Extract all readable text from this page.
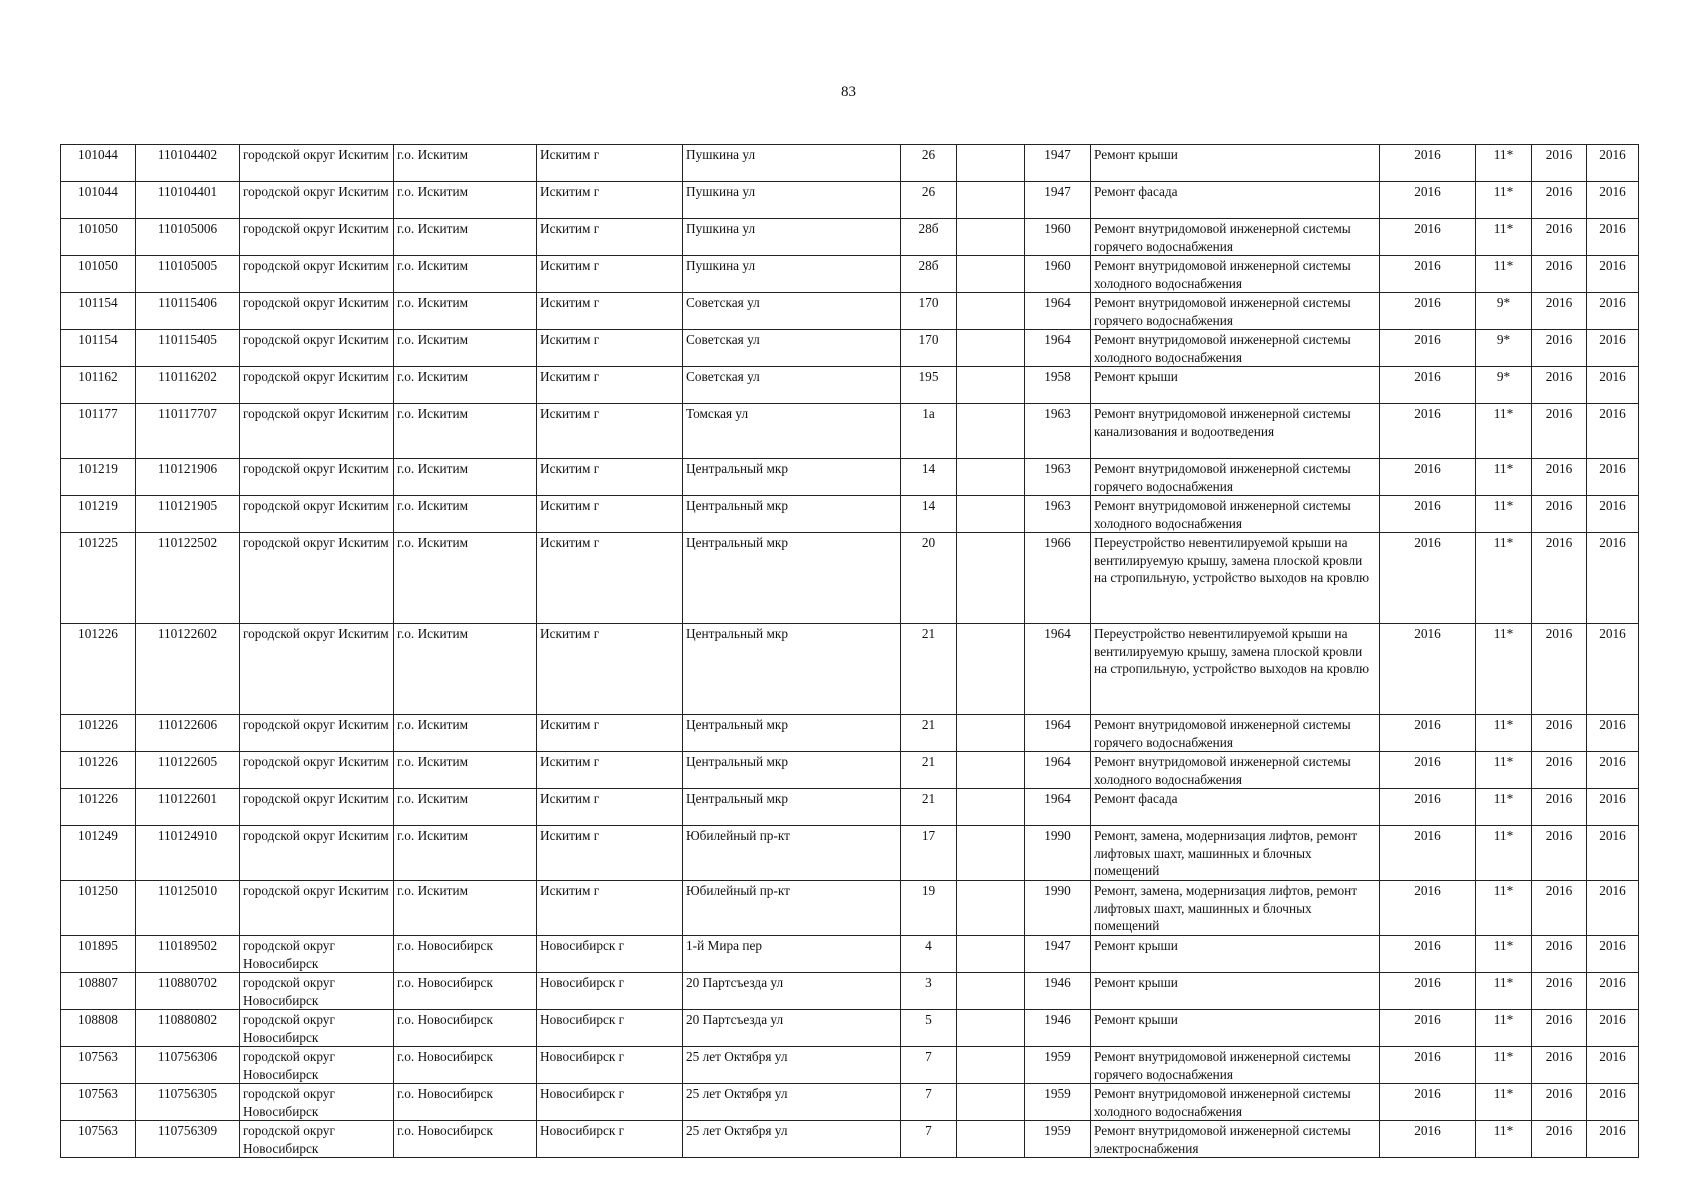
83
101044	110104402	городской округ Искитим	г.о. Искитим	Искитим г	Пушкина ул	26		1947	Ремонт крыши	2016	11*	2016	2016
101044	110104401	городской округ Искитим	г.о. Искитим	Искитим г	Пушкина ул	26		1947	Ремонт фасада	2016	11*	2016	2016
101050	110105006	городской округ Искитим	г.о. Искитим	Искитим г	Пушкина ул	28б		1960	Ремонт внутридомовой инженерной системы горячего водоснабжения	2016	11*	2016	2016
101050	110105005	городской округ Искитим	г.о. Искитим	Искитим г	Пушкина ул	28б		1960	Ремонт внутридомовой инженерной системы холодного водоснабжения	2016	11*	2016	2016
101154	110115406	городской округ Искитим	г.о. Искитим	Искитим г	Советская ул	170		1964	Ремонт внутридомовой инженерной системы горячего водоснабжения	2016	9*	2016	2016
101154	110115405	городской округ Искитим	г.о. Искитим	Искитим г	Советская ул	170		1964	Ремонт внутридомовой инженерной системы холодного водоснабжения	2016	9*	2016	2016
101162	110116202	городской округ Искитим	г.о. Искитим	Искитим г	Советская ул	195		1958	Ремонт крыши	2016	9*	2016	2016
101177	110117707	городской округ Искитим	г.о. Искитим	Искитим г	Томская ул	1а		1963	Ремонт внутридомовой инженерной системы канализования и водоотведения	2016	11*	2016	2016
101219	110121906	городской округ Искитим	г.о. Искитим	Искитим г	Центральный мкр	14		1963	Ремонт внутридомовой инженерной системы горячего водоснабжения	2016	11*	2016	2016
101219	110121905	городской округ Искитим	г.о. Искитим	Искитим г	Центральный мкр	14		1963	Ремонт внутридомовой инженерной системы холодного водоснабжения	2016	11*	2016	2016
101225	110122502	городской округ Искитим	г.о. Искитим	Искитим г	Центральный мкр	20		1966	Переустройство невентилируемой крыши на вентилируемую крышу, замена плоской кровли на стропильную, устройство выходов на кровлю	2016	11*	2016	2016
101226	110122602	городской округ Искитим	г.о. Искитим	Искитим г	Центральный мкр	21		1964	Переустройство невентилируемой крыши на вентилируемую крышу, замена плоской кровли на стропильную, устройство выходов на кровлю	2016	11*	2016	2016
101226	110122606	городской округ Искитим	г.о. Искитим	Искитим г	Центральный мкр	21		1964	Ремонт внутридомовой инженерной системы горячего водоснабжения	2016	11*	2016	2016
101226	110122605	городской округ Искитим	г.о. Искитим	Искитим г	Центральный мкр	21		1964	Ремонт внутридомовой инженерной системы холодного водоснабжения	2016	11*	2016	2016
101226	110122601	городской округ Искитим	г.о. Искитим	Искитим г	Центральный мкр	21		1964	Ремонт фасада	2016	11*	2016	2016
101249	110124910	городской округ Искитим	г.о. Искитим	Искитим г	Юбилейный пр-кт	17		1990	Ремонт, замена, модернизация лифтов, ремонт лифтовых шахт, машинных и блочных помещений	2016	11*	2016	2016
101250	110125010	городской округ Искитим	г.о. Искитим	Искитим г	Юбилейный пр-кт	19		1990	Ремонт, замена, модернизация лифтов, ремонт лифтовых шахт, машинных и блочных помещений	2016	11*	2016	2016
101895	110189502	городской округ Новосибирск	г.о. Новосибирск	Новосибирск г	1-й Мира пер	4		1947	Ремонт крыши	2016	11*	2016	2016
108807	110880702	городской округ Новосибирск	г.о. Новосибирск	Новосибирск г	20 Партсъезда ул	3		1946	Ремонт крыши	2016	11*	2016	2016
108808	110880802	городской округ Новосибирск	г.о. Новосибирск	Новосибирск г	20 Партсъезда ул	5		1946	Ремонт крыши	2016	11*	2016	2016
107563	110756306	городской округ Новосибирск	г.о. Новосибирск	Новосибирск г	25 лет Октября ул	7		1959	Ремонт внутридомовой инженерной системы горячего водоснабжения	2016	11*	2016	2016
107563	110756305	городской округ Новосибирск	г.о. Новосибирск	Новосибирск г	25 лет Октября ул	7		1959	Ремонт внутридомовой инженерной системы холодного водоснабжения	2016	11*	2016	2016
107563	110756309	городской округ Новосибирск	г.о. Новосибирск	Новосибирск г	25 лет Октября ул	7		1959	Ремонт внутридомовой инженерной системы электроснабжения	2016	11*	2016	2016
